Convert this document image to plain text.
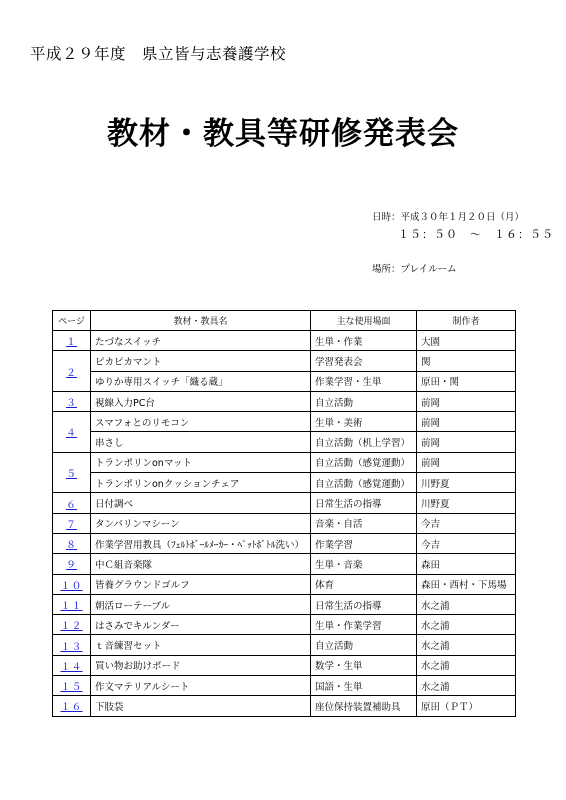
平成２９年度　県立皆与志養護学校
教材・教具等研修発表会
日時：平成３０年１月２０日（月）
１５：５０　～　１６：５５
場所：プレイルーム
ページ	教材・教具名	主な使用場面	制作者
１	たづなスイッチ	生単・作業	大園
２	ピカピカマント	学習発表会	関
	ゆりか専用スイッチ「織る蔵」	作業学習・生単	原田・関
３	視線入力PC台	自立活動	前岡
４	スマフォとのリモコン	生単・美術	前岡
	串さし	自立活動（机上学習）	前岡
５	トランポリンonマット	自立活動（感覚運動）	前岡
	トランポリンonクッションチェア	自立活動（感覚運動）	川野夏
６	日付調べ	日常生活の指導	川野夏
７	タンバリンマシーン	音楽・自活	今吉
８	作業学習用教具（ﾌｪﾙﾄﾎﾞｰﾙﾒｰｶｰ・ﾍﾟｯﾄﾎﾞﾄﾙ洗い）	作業学習	今吉
９	中Ｃ組音楽隊	生単・音楽	森田
１０	皆養グラウンドゴルフ	体育	森田・西村・下馬場
１１	朝活ローテーブル	日常生活の指導	水之浦
１２	はさみでキルンダー	生単・作業学習	水之浦
１３	ｔ音練習セット	自立活動	水之浦
１４	買い物お助けボード	数学・生単	水之浦
１５	作文マテリアルシート	国語・生単	水之浦
１６	下肢袋	座位保持装置補助具	原田（ＰＴ）
